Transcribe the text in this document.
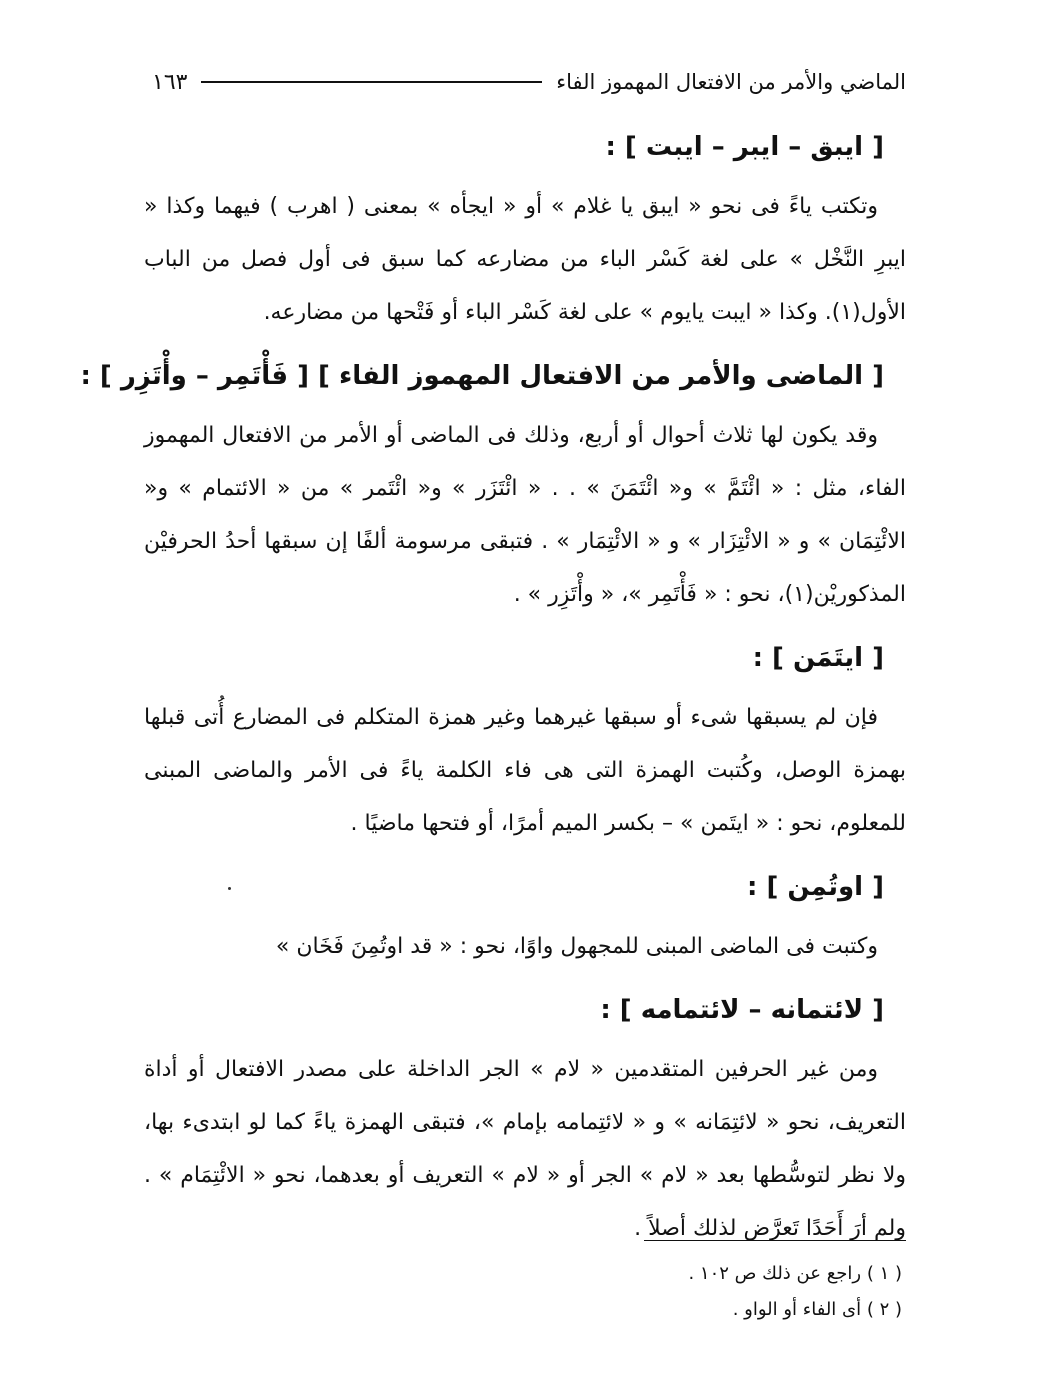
الماضي والأمر من الافتعال المهموز الفاء
١٦٣

[ ايبق – ايبر – ايبت ] :

وتكتب ياءً فى نحو « ايبق يا غلام » أو « ايجأه » بمعنى ( اهرب ) فيهما وكذا « ايبرِ النَّخْل » على لغة كَسْر الباء من مضارعه كما سبق فى أول فصل من الباب الأول(١). وكذا « ايبت يايوم » على لغة كَسْر الباء أو فَتْحها من مضارعه.

[ الماضى والأمر من الافتعال المهموز الفاء ] [ فَأْتَمِر – وأْتَزِر ] :

وقد يكون لها ثلاث أحوال أو أربع، وذلك فى الماضى أو الأمر من الافتعال المهموز الفاء، مثل : « ائْتَمَّ » و« ائْتَمَنَ » . . « ائْتَزَر » و« ائْتَمر » من « الائتمام » و« الائْتِمَان » و « الائْتِزَار » و « الائْتِمَار » . فتبقى مرسومة ألفًا إن سبقها أحدُ الحرفيْن المذكوريْن(١)، نحو : « فَأْتَمِر »، « وأْتَزِر » .

[ ايتَمَن ] :

فإن لم يسبقها شىء أو سبقها غيرهما وغير همزة المتكلم فى المضارع أُتى قبلها بهمزة الوصل، وكُتبت الهمزة التى هى فاء الكلمة ياءً فى الأمر والماضى المبنى للمعلوم، نحو : « ايتَمن » – بكسر الميم أمرًا، أو فتحها ماضيًا .

[ اوتُمِن ] :

وكتبت فى الماضى المبنى للمجهول واوًا، نحو : « قد اوتُمِنَ فَخَان »

[ لائتمانه – لائتمامه ] :

ومن غير الحرفين المتقدمين « لام » الجر الداخلة على مصدر الافتعال أو أداة التعريف، نحو « لائتِمَانه » و « لائتِمامه بإمام »، فتبقى الهمزة ياءً كما لو ابتدىء بها، ولا نظر لتوسُّطها بعد « لام » الجر أو « لام » التعريف أو بعدهما، نحو « الائْتِمَام » . ولم أرَ أَحَدًا تَعرَّض لذلك أصلاً .

( ١ ) راجع عن ذلك ص ١٠٢ .

( ٢ ) أى الفاء أو الواو .
